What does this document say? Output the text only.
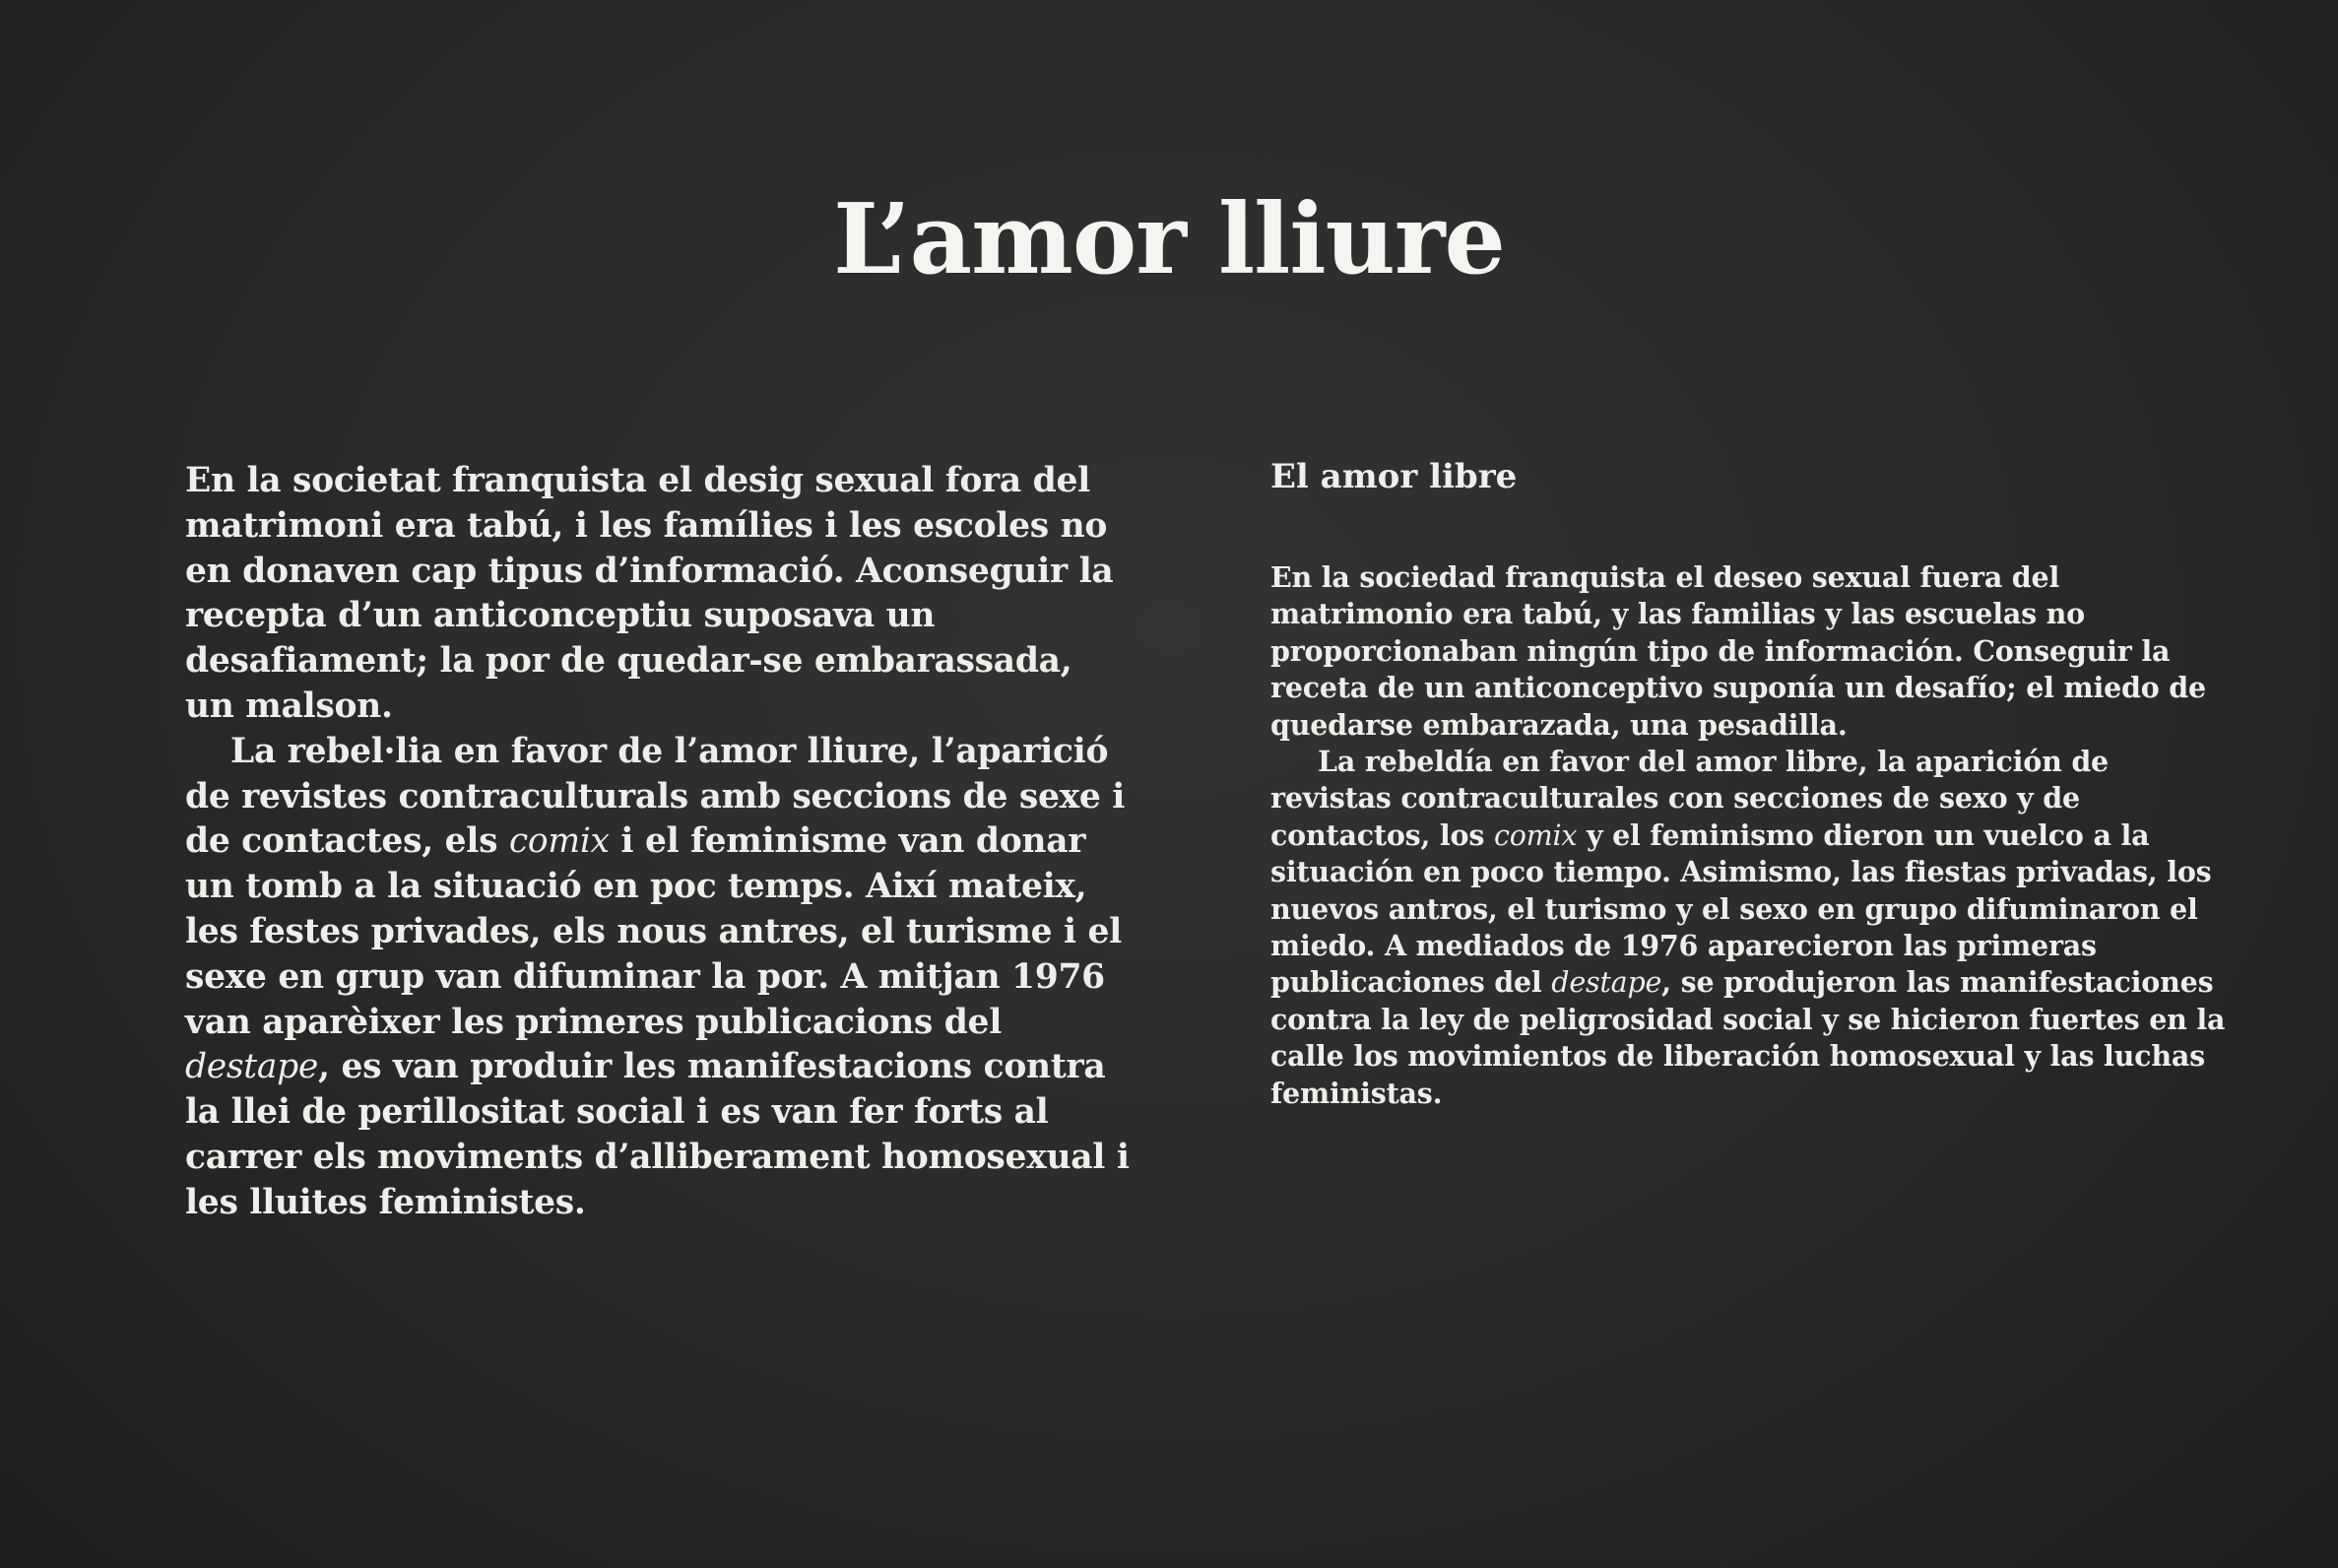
L’amor lliure

En la societat franquista el desig sexual fora del matrimoni era tabú, i les famílies i les escoles no en donaven cap tipus d’informació. Aconseguir la recepta d’un anticonceptiu suposava un desafiament; la por de quedar-se embarassada, un malson.

La rebel·lia en favor de l’amor lliure, l’aparició de revistes contraculturals amb seccions de sexe i de contactes, els comix i el feminisme van donar un tomb a la situació en poc temps. Així mateix, les festes privades, els nous antres, el turisme i el sexe en grup van difuminar la por. A mitjan 1976 van aparèixer les primeres publicacions del destape, es van produir les manifestacions contra la llei de perillositat social i es van fer forts al carrer els moviments d’alliberament homosexual i les lluites feministes.

El amor libre

En la sociedad franquista el deseo sexual fuera del matrimonio era tabú, y las familias y las escuelas no proporcionaban ningún tipo de información. Conseguir la receta de un anticonceptivo suponía un desafío; el miedo de quedarse embarazada, una pesadilla.

La rebeldía en favor del amor libre, la aparición de revistas contraculturales con secciones de sexo y de contactos, los comix y el feminismo dieron un vuelco a la situación en poco tiempo. Asimismo, las fiestas privadas, los nuevos antros, el turismo y el sexo en grupo difuminaron el miedo. A mediados de 1976 aparecieron las primeras publicaciones del destape, se produjeron las manifestaciones contra la ley de peligrosidad social y se hicieron fuertes en la calle los movimientos de liberación homosexual y las luchas feministas.
